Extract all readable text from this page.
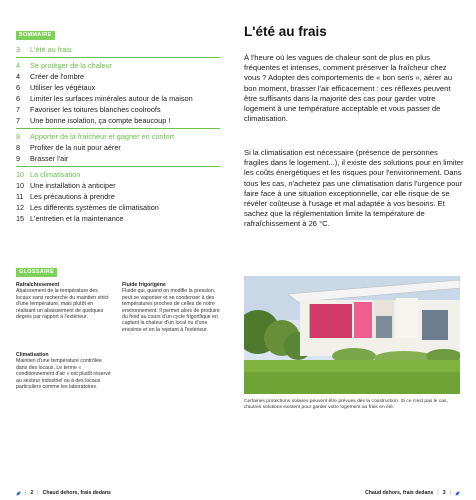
SOMMAIRE
3	L'été au frais
4	Se protéger de la chaleur
4	Créer de l'ombre
6	Utiliser les végétaux
6	Limiter les surfaces minérales autour de la maison
7	Favoriser les toitures blanches coolroofs
7	Une bonne isolation, ça compte beaucoup !
8	Apporter de la fraîcheur et gagner en confort
8	Profiter de la nuit pour aérer
9	Brasser l'air
10 La climatisation
10 Une installation à anticiper
11 Les précautions à prendre
12 Les différents systèmes de climatisation
15 L'entretien et la maintenance
GLOSSAIRE
Rafraîchissement
Abaissement de la température des locaux sans recherche du maintien strict d'une température, mais plutôt en réalisant un abaissement de quelques degrés par rapport à l'extérieur.
Climatisation
Maintien d'une température contrôlée dans des locaux. Le terme « conditionnement d'air » est plutôt réservé au secteur industriel ou à des locaux particuliers comme les laboratoires.
Fluide frigorigène
Fluide qui, quand on modifie la pression, peut se vaporiser et se condenser à des températures proches de celles de notre environnement. Il permet alors de produire du froid au cours d'un cycle frigorifique en captant la chaleur d'un local ou d'une enceinte et en la rejetant à l'extérieur.
L'été au frais
À l'heure où les vagues de chaleur sont de plus en plus fréquentes et intenses, comment préserver la fraîcheur chez vous ? Adopter des comportements de « bon sens », aérer au bon moment, brasser l'air efficacement : ces réflexes peuvent être suffisants dans la majorité des cas pour garder votre logement à une température acceptable et vous passer de climatisation.
Si la climatisation est nécessaire (présence de personnes fragiles dans le logement...), il existe des solutions pour en limiter les coûts énergétiques et les risques pour l'environnement. Dans tous les cas, n'achetez pas une climatisation dans l'urgence pour faire face à une situation exceptionnelle, car elle risque de se révéler coûteuse à l'usage et mal adaptée à vos besoins. Et sachez que la réglementation limite la température de rafraîchissement à 26 °C.
Certaines protections solaires peuvent être prévues dès la construction. Si ce n'est pas le cas, d'autres solutions existent pour garder votre logement au frais en été.
| 2 | Chaud dehors, frais dedans	Chaud dehors, frais dedans | 3 |
